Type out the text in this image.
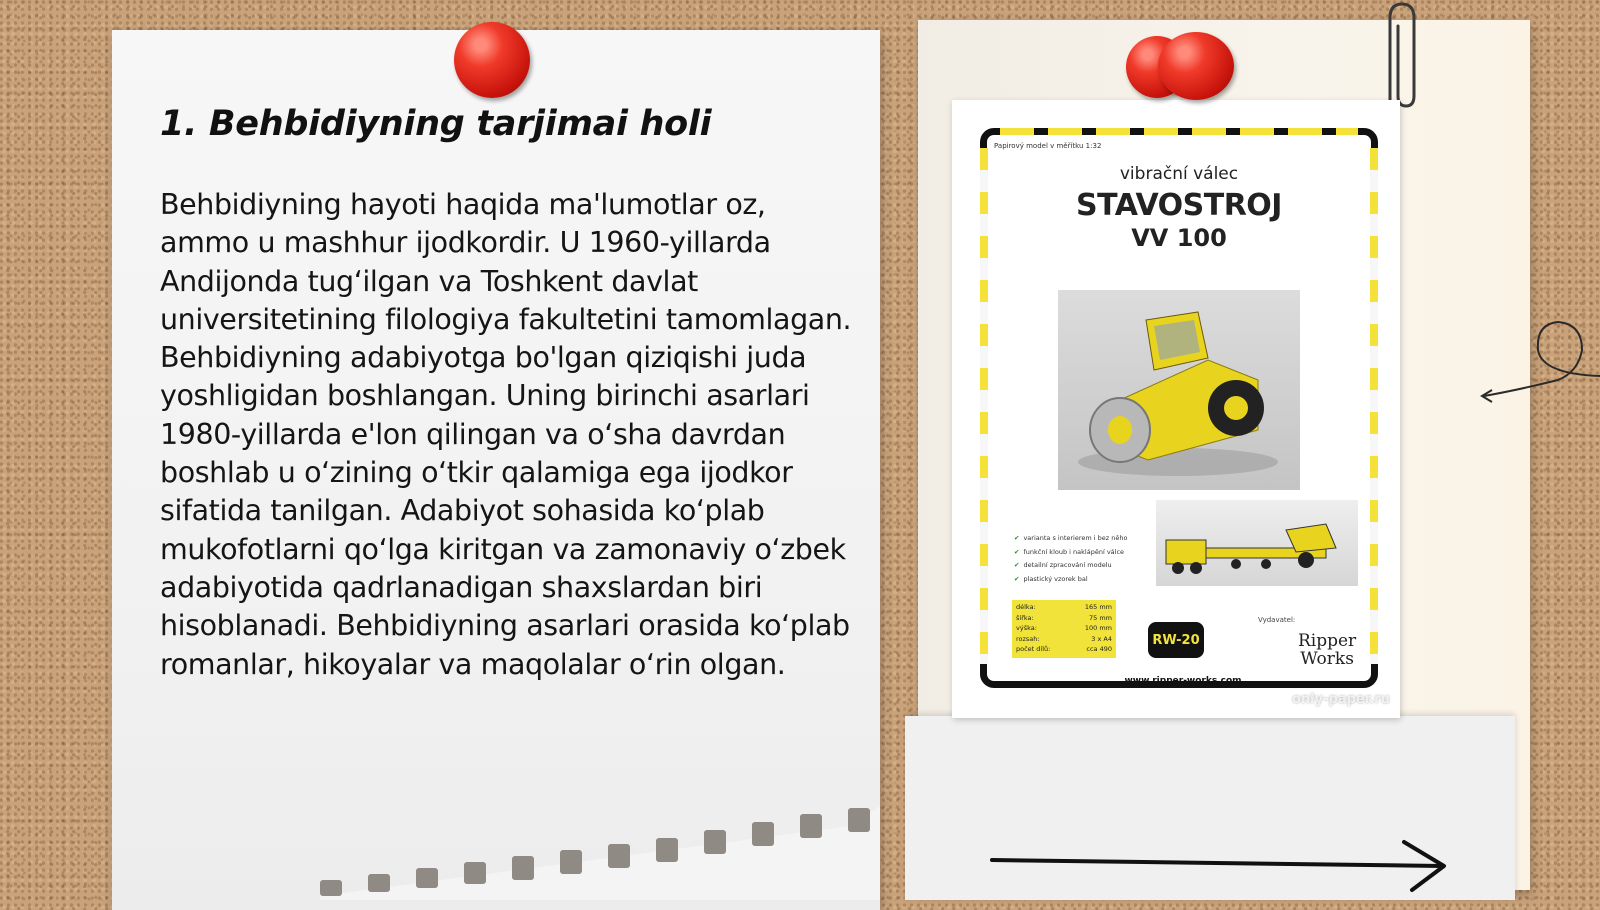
1. Behbidiyning tarjimai holi

Behbidiyning hayoti haqida ma'lumotlar oz, ammo u mashhur ijodkordir. U 1960-yillarda Andijonda tugʻilgan va Toshkent davlat universitetining filologiya fakultetini tamomlagan. Behbidiyning adabiyotga bo'lgan qiziqishi juda yoshligidan boshlangan. Uning birinchi asarlari 1980-yillarda e'lon qilingan va oʻsha davrdan boshlab u oʻzining oʻtkir qalamiga ega ijodkor sifatida tanilgan. Adabiyot sohasida koʻplab mukofotlarni qoʻlga kiritgan va zamonaviy oʻzbek adabiyotida qadrlanadigan shaxslardan biri hisoblanadi. Behbidiyning asarlari orasida koʻplab romanlar, hikoyalar va maqolalar oʻrin olgan.

Papirový model v měřítku 1:32
vibrační válec
STAVOSTROJ
VV 100
✔ varianta s interierem i bez něho
✔ funkční kloub i naklápění válce
✔ detailní zpracování modelu
✔ plastický vzorek bal
délka:	165 mm
šířka:	75 mm
výška:	100 mm
rozsah:	3 x A4
počet dílů:	cca 490
RW-20
Vydavatel:
Ripper
Works
www.ripper-works.com
only-paper.ru
